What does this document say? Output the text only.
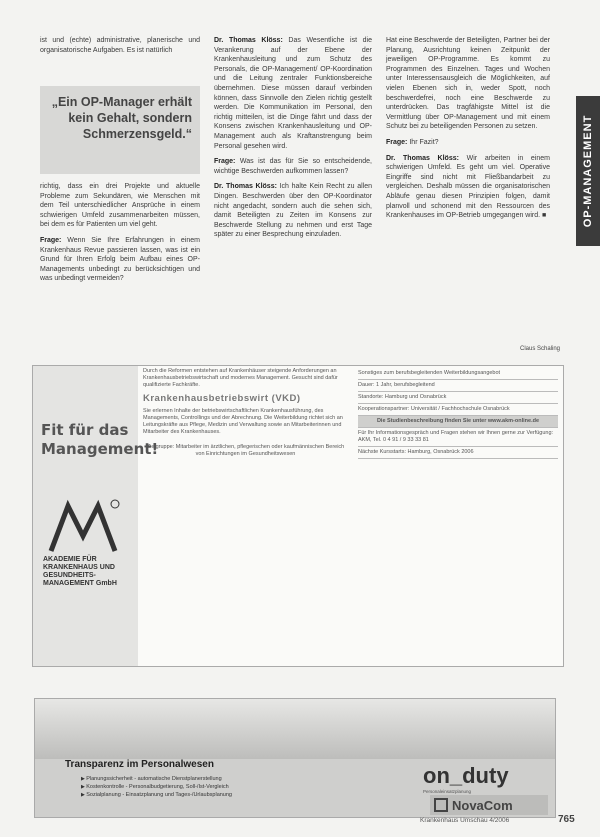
OP-MANAGEMENT

ist und (echte) administrative, planerische und organisatorische Aufgaben. Es ist natürlich

„Ein OP-Manager erhält kein Gehalt, sondern Schmerzensgeld.“

richtig, dass ein drei Projekte und aktuelle Probleme zum Sekundären, wie Menschen mit dem Teil unterschiedlicher Ansprüche in einem schwierigen Umfeld zusammenarbeiten müssen, bei dem es für Patienten um viel geht.

Frage: Wenn Sie Ihre Erfahrungen in einem Krankenhaus Revue passieren lassen, was ist ein Grund für Ihren Erfolg beim Aufbau eines OP-Managements unbedingt zu berücksichtigen und was unbedingt vermeiden?

Dr. Thomas Klöss: Das Wesentliche ist die Verankerung auf der Ebene der Krankenhausleitung und zum Schutz des Personals, die OP-Management/ OP-Koordination und die Leitung zentraler Funktionsbereiche übernehmen. Diese müssen darauf verbinden können, dass Sinnvolle den Zielen richtig gestellt werden. Die Kommunikation im Personal, den richtig mitteilen, ist die Dinge fährt und dass der Konsens zwischen Krankenhausleitung und OP-Management auch als Kraftanstrengung beim Personal gesehen wird.

Frage: Was ist das für Sie so entscheidende, wichtige Beschwerden aufkommen lassen?

Dr. Thomas Klöss: Ich halte Kein Recht zu allen Dingen. Beschwerden über den OP-Koordinator nicht angedacht, sondern auch die sehen sich, damit Beteiligten zu Zeiten im Konsens zur Beschwerde Stellung zu nehmen und erst Tage später zu einer Besprechung einzuladen.

Hat eine Beschwerde der Beteiligten, Partner bei der Planung, Ausrichtung keinen Zeitpunkt der jeweiligen OP-Programme. Es kommt zu Programmen des Einzelnen. Tages und Wochen unter Interessensausgleich die Möglichkeiten, auf vielen Ebenen sich in, weder Spott, noch beschwerdefrei, noch eine Beschwerde zu unterdrücken. Das tragfähigste Mittel ist die Vermittlung über OP-Management und mit einem Schutz bei zu beteiligenden Personen zu setzen.

Frage: Ihr Fazit?

Dr. Thomas Klöss: Wir arbeiten in einem schwierigen Umfeld. Es geht um viel. Operative Eingriffe sind nicht mit Fließbandarbeit zu vergleichen. Deshalb müssen die organisatorischen Abläufe genau diesen Prinzipien folgen, damit planvoll und schonend mit den Ressourcen des Krankenhauses im OP-Betrieb umgegangen wird. ■

Claus Schaling
Fit für das Management!
AKADEMIE FÜR KRANKENHAUS UND GESUNDHEITS-MANAGEMENT GmbH

Durch die Reformen entstehen auf Krankenhäuser steigende Anforderungen an Krankenhausbetriebswirtschaft und modernes Management. Gesucht sind dafür qualifizierte Fachkräfte.

Krankenhausbetriebswirt (VKD)

Sie erlernen Inhalte der betriebswirtschaftlichen Krankenhausführung, des Managements, Controllings und der Abrechnung. Die Weiterbildung richtet sich an Leitungskräfte aus Pflege, Medizin und Verwaltung sowie an Mitarbeiterinnen und Mitarbeiter des Krankenhauses.

Zielgruppe: Mitarbeiter im ärztlichen, pflegerischen oder kaufmännischen Bereich von Einrichtungen im Gesundheitswesen

Sonstiges zum berufsbegleitenden Weiterbildungsangebot
Dauer: 1 Jahr, berufsbegleitend
Standorte: Hamburg und Osnabrück
Kooperationspartner: Universität / Fachhochschule Osnabrück
Die Studienbeschreibung finden Sie unter www.akm-online.de
Für Ihr Informationsgespräch und Fragen stehen wir Ihnen gerne zur Verfügung: AKM, Tel. 0 4 91 / 9 33 33 81
Nächste Kursstarts: Hamburg, Osnabrück 2006
Transparenz im Personalwesen
▶ Planungssicherheit - automatische Dienstplanerstellung
▶ Kostenkontrolle - Personalbudgetierung, Soll-/Ist-Vergleich
▶ Sozialplanung - Einsatzplanung und Tages-/Urlaubsplanung
on_duty
Personaleinsatzplanung
NovaCom
Krankenhaus Umschau 4/2006	765
